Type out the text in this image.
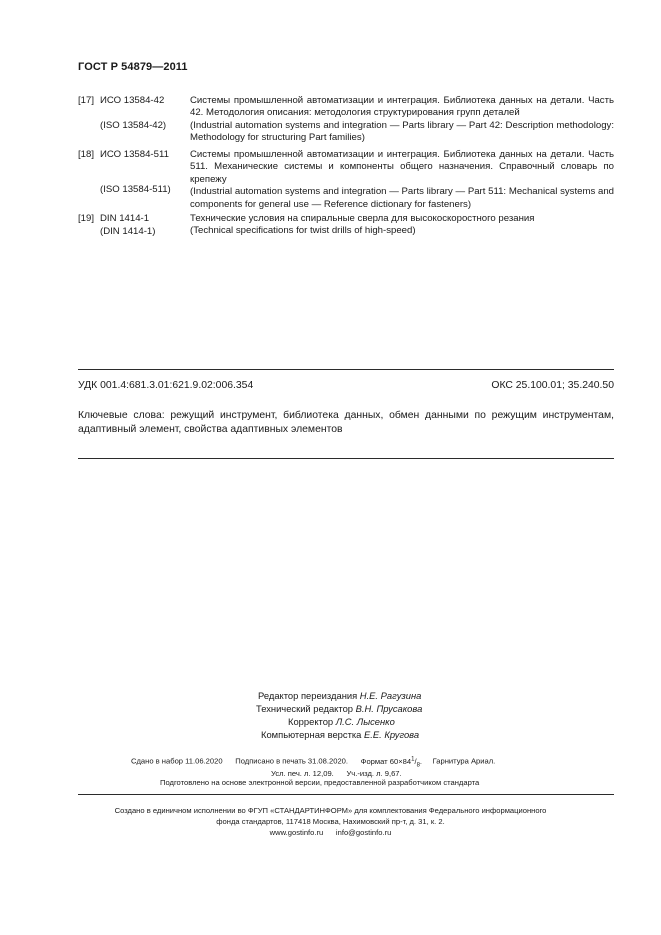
ГОСТ Р 54879—2011
[17] ИСО 13584-42
(ISO 13584-42)

Системы промышленной автоматизации и интеграция. Библиотека данных на детали. Часть 42. Методология описания: методология структурирования групп деталей

(Industrial automation systems and integration — Parts library — Part 42: Description methodology: Methodology for structuring Part families)

[18] ИСО 13584-511
(ISO 13584-511)

Системы промышленной автоматизации и интеграция. Библиотека данных на детали. Часть 511. Механические системы и компоненты общего назначения. Справочный словарь по крепежу

(Industrial automation systems and integration — Parts library — Part 511: Mechanical systems and components for general use — Reference dictionary for fasteners)

[19] DIN 1414-1
(DIN 1414-1)

Технические условия на спиральные сверла для высокоскоростного резания

(Technical specifications for twist drills of high-speed)

УДК 001.4:681.3.01:621.9.02:006.354	ОКС 25.100.01; 35.240.50
Ключевые слова: режущий инструмент, библиотека данных, обмен данными по режущим инструментам, адаптивный элемент, свойства адаптивных элементов
Редактор переиздания Н.Е. Рагузина
Технический редактор В.Н. Прусакова
Корректор Л.С. Лысенко
Компьютерная верстка Е.Е. Кругова
Сдано в набор 11.06.2020 Подписано в печать 31.08.2020. Формат $60\times 84^1/_8$. Гарнитура Ариал.
Усл. печ. л. 12,09. Уч.-изд. л. 9,67.
Подготовлено на основе электронной версии, предоставленной разработчиком стандарта
Создано в единичном исполнении во ФГУП «СТАНДАРТИНФОРМ» для комплектования Федерального информационного
фонда стандартов, 117418 Москва, Нахимовский пр-т, д. 31, к. 2.
www.gostinfo.ru info@gostinfo.ru
